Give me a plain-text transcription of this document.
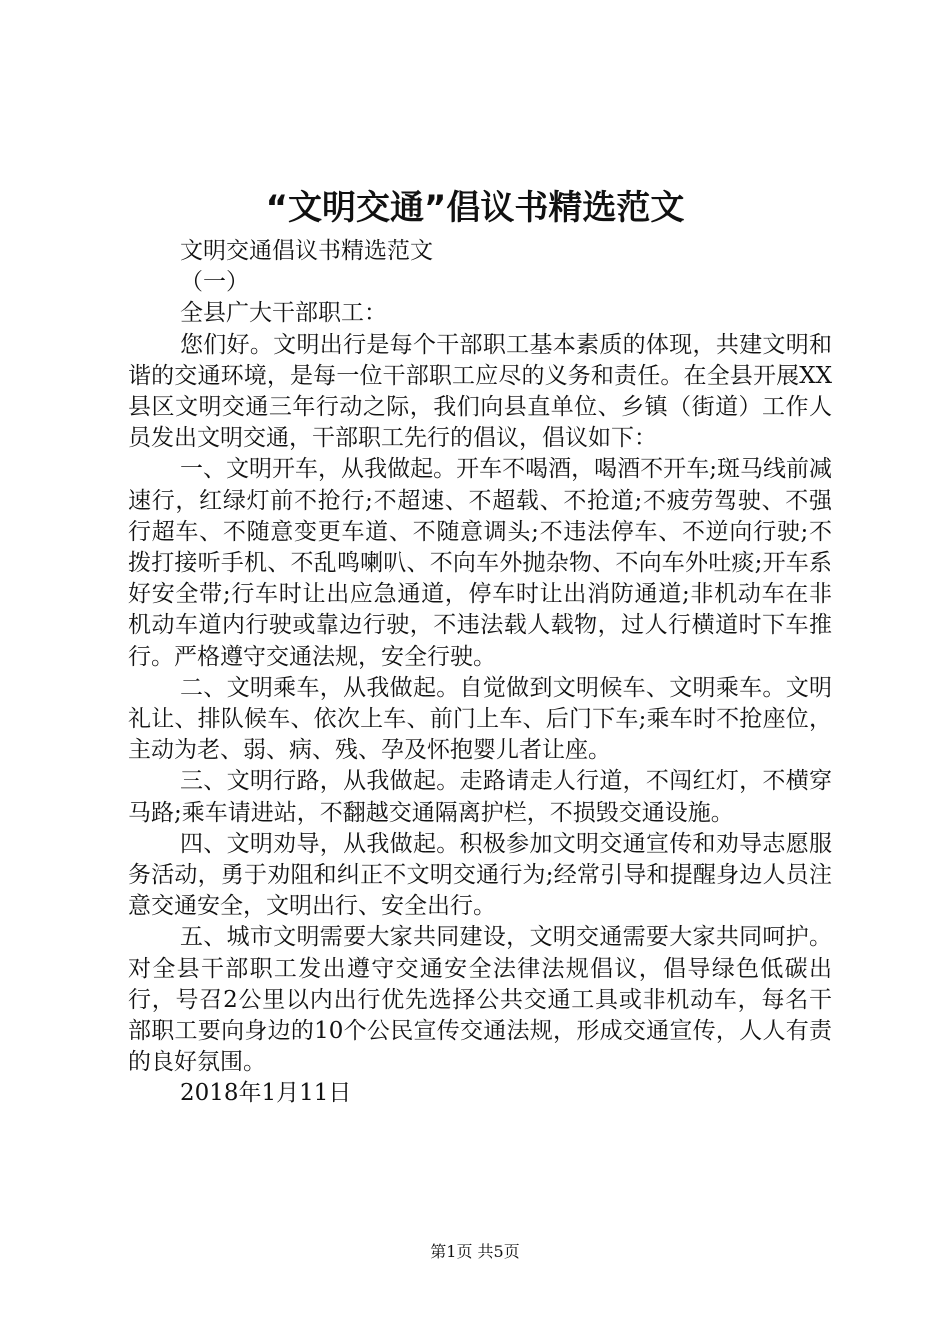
“文明交通”倡议书精选范文

文明交通倡议书精选范文

（一）

全县广大干部职工：

您们好。文明出行是每个干部职工基本素质的体现，共建文明和谐的交通环境，是每一位干部职工应尽的义务和责任。在全县开展XX县区文明交通三年行动之际，我们向县直单位、乡镇（街道）工作人员发出文明交通，干部职工先行的倡议，倡议如下：

一、文明开车，从我做起。开车不喝酒，喝酒不开车;斑马线前减速行，红绿灯前不抢行;不超速、不超载、不抢道;不疲劳驾驶、不强行超车、不随意变更车道、不随意调头;不违法停车、不逆向行驶;不拨打接听手机、不乱鸣喇叭、不向车外抛杂物、不向车外吐痰;开车系好安全带;行车时让出应急通道，停车时让出消防通道;非机动车在非机动车道内行驶或靠边行驶，不违法载人载物，过人行横道时下车推行。严格遵守交通法规，安全行驶。

二、文明乘车，从我做起。自觉做到文明候车、文明乘车。文明礼让、排队候车、依次上车、前门上车、后门下车;乘车时不抢座位，主动为老、弱、病、残、孕及怀抱婴儿者让座。

三、文明行路，从我做起。走路请走人行道，不闯红灯，不横穿马路;乘车请进站，不翻越交通隔离护栏，不损毁交通设施。

四、文明劝导，从我做起。积极参加文明交通宣传和劝导志愿服务活动，勇于劝阻和纠正不文明交通行为;经常引导和提醒身边人员注意交通安全，文明出行、安全出行。

五、城市文明需要大家共同建设，文明交通需要大家共同呵护。对全县干部职工发出遵守交通安全法律法规倡议，倡导绿色低碳出行，号召2公里以内出行优先选择公共交通工具或非机动车，每名干部职工要向身边的10个公民宣传交通法规，形成交通宣传，人人有责的良好氛围。

2018年1月11日

第1页 共5页
